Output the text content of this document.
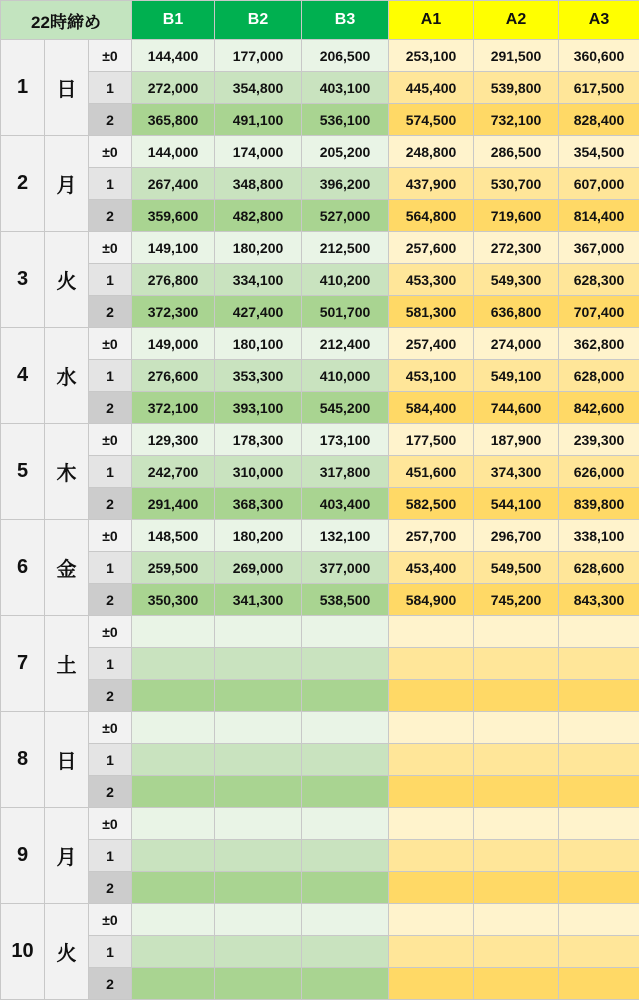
22時締め			B1	B2	B3	A1	A2	A3
1	日	±0	144,400	177,000	206,500	253,100	291,500	360,600
		1	272,000	354,800	403,100	445,400	539,800	617,500
		2	365,800	491,100	536,100	574,500	732,100	828,400
2	月	±0	144,000	174,000	205,200	248,800	286,500	354,500
		1	267,400	348,800	396,200	437,900	530,700	607,000
		2	359,600	482,800	527,000	564,800	719,600	814,400
3	火	±0	149,100	180,200	212,500	257,600	272,300	367,000
		1	276,800	334,100	410,200	453,300	549,300	628,300
		2	372,300	427,400	501,700	581,300	636,800	707,400
4	水	±0	149,000	180,100	212,400	257,400	274,000	362,800
		1	276,600	353,300	410,000	453,100	549,100	628,000
		2	372,100	393,100	545,200	584,400	744,600	842,600
5	木	±0	129,300	178,300	173,100	177,500	187,900	239,300
		1	242,700	310,000	317,800	451,600	374,300	626,000
		2	291,400	368,300	403,400	582,500	544,100	839,800
6	金	±0	148,500	180,200	132,100	257,700	296,700	338,100
		1	259,500	269,000	377,000	453,400	549,500	628,600
		2	350,300	341,300	538,500	584,900	745,200	843,300
7	土	±0						
		1						
		2						
8	日	±0						
		1						
		2						
9	月	±0						
		1						
		2						
10	火	±0						
		1						
		2						
